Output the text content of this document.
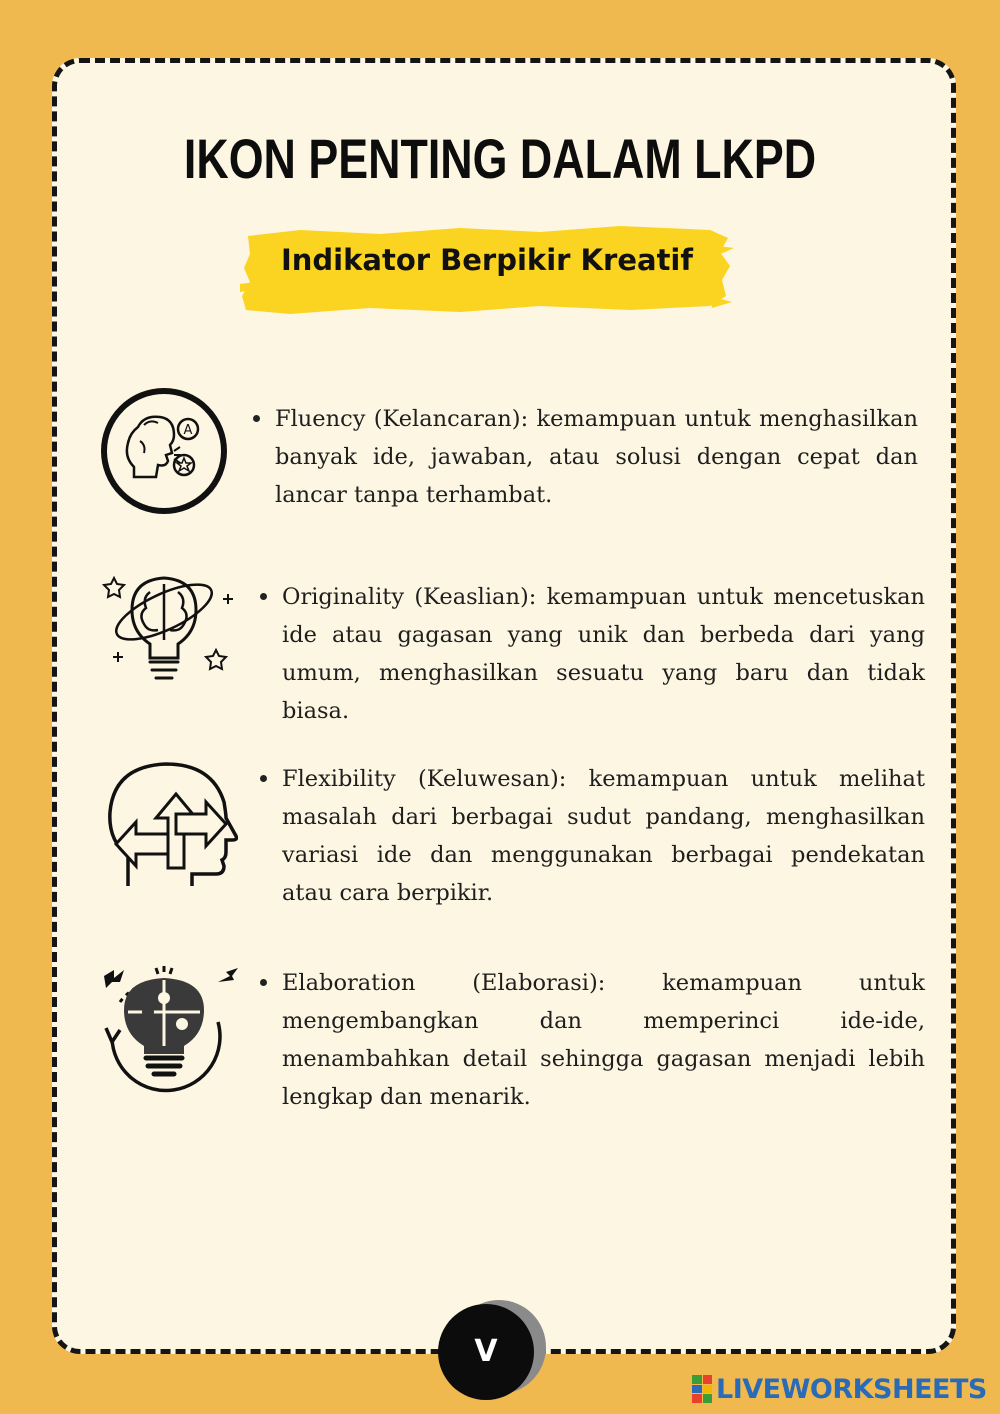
IKON PENTING DALAM LKPD
Indikator Berpikir Kreatif
A	Fluency (Kelancaran): kemampuan untuk menghasilkan banyak ide, jawaban, atau solusi dengan cepat dan lancar tanpa terhambat.
Originality (Keaslian): kemampuan untuk mencetuskan ide atau gagasan yang unik dan berbeda dari yang umum, menghasilkan sesuatu yang baru dan tidak biasa.
Flexibility (Keluwesan): kemampuan untuk melihat masalah dari berbagai sudut pandang, menghasilkan variasi ide dan menggunakan berbagai pendekatan atau cara berpikir.
Elaboration (Elaborasi): kemampuan untuk mengembangkan dan memperinci ide-ide, menambahkan detail sehingga gagasan menjadi lebih lengkap dan menarik.
V
LIVEWORKSHEETS
